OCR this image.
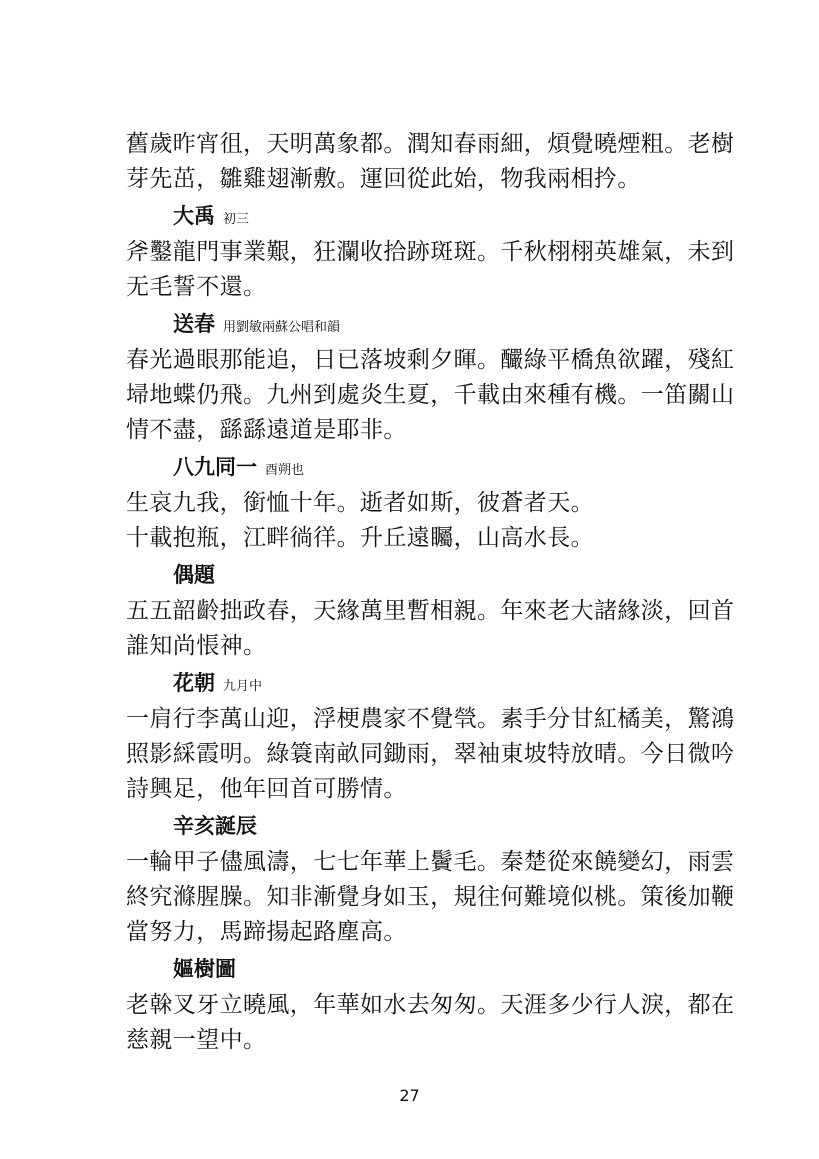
舊歲昨宵徂，天明萬象都。潤知春雨細，煩覺曉煙粗。老樹
芽先茁，雛雞翅漸敷。運回從此始，物我兩相扲。
大禹 初三
斧鑿龍門事業艱，狂瀾收拾跡斑斑。千秋栩栩英雄氣，未到
无毛誓不還。
送春 用劉敏兩蘇公唱和韻
春光過眼那能追，日已落坡剩夕暉。釅綠平橋魚欲躍，殘紅
埽地蝶仍飛。九州到處炎生夏，千載由來種有機。一笛關山
情不盡，繇繇遠道是耶非。
八九同一 酉朔也
生哀九我，銜恤十年。逝者如斯，彼蒼者天。
十載抱瓶，江畔徜徉。升丘遠矚，山高水長。
偶題
五五韶齡拙政春，天緣萬里暫相親。年來老大諸緣淡，回首
誰知尚悵神。
花朝 九月中
一肩行李萬山迎，浮梗農家不覺煢。素手分甘紅橘美，驚鴻
照影綵霞明。綠簑南畝同鋤雨，翠袖東坡特放晴。今日微吟
詩興足，他年回首可勝情。
辛亥誕辰
一輪甲子儘風濤，七七年華上鬢毛。秦楚從來饒變幻，雨雲
終究滌腥臊。知非漸覺身如玉，規往何難境似桃。策後加鞭
當努力，馬蹄揚起路塵高。
嫗樹圖
老榦叉牙立曉風，年華如水去匆匆。天涯多少行人淚，都在
慈親一望中。
27
